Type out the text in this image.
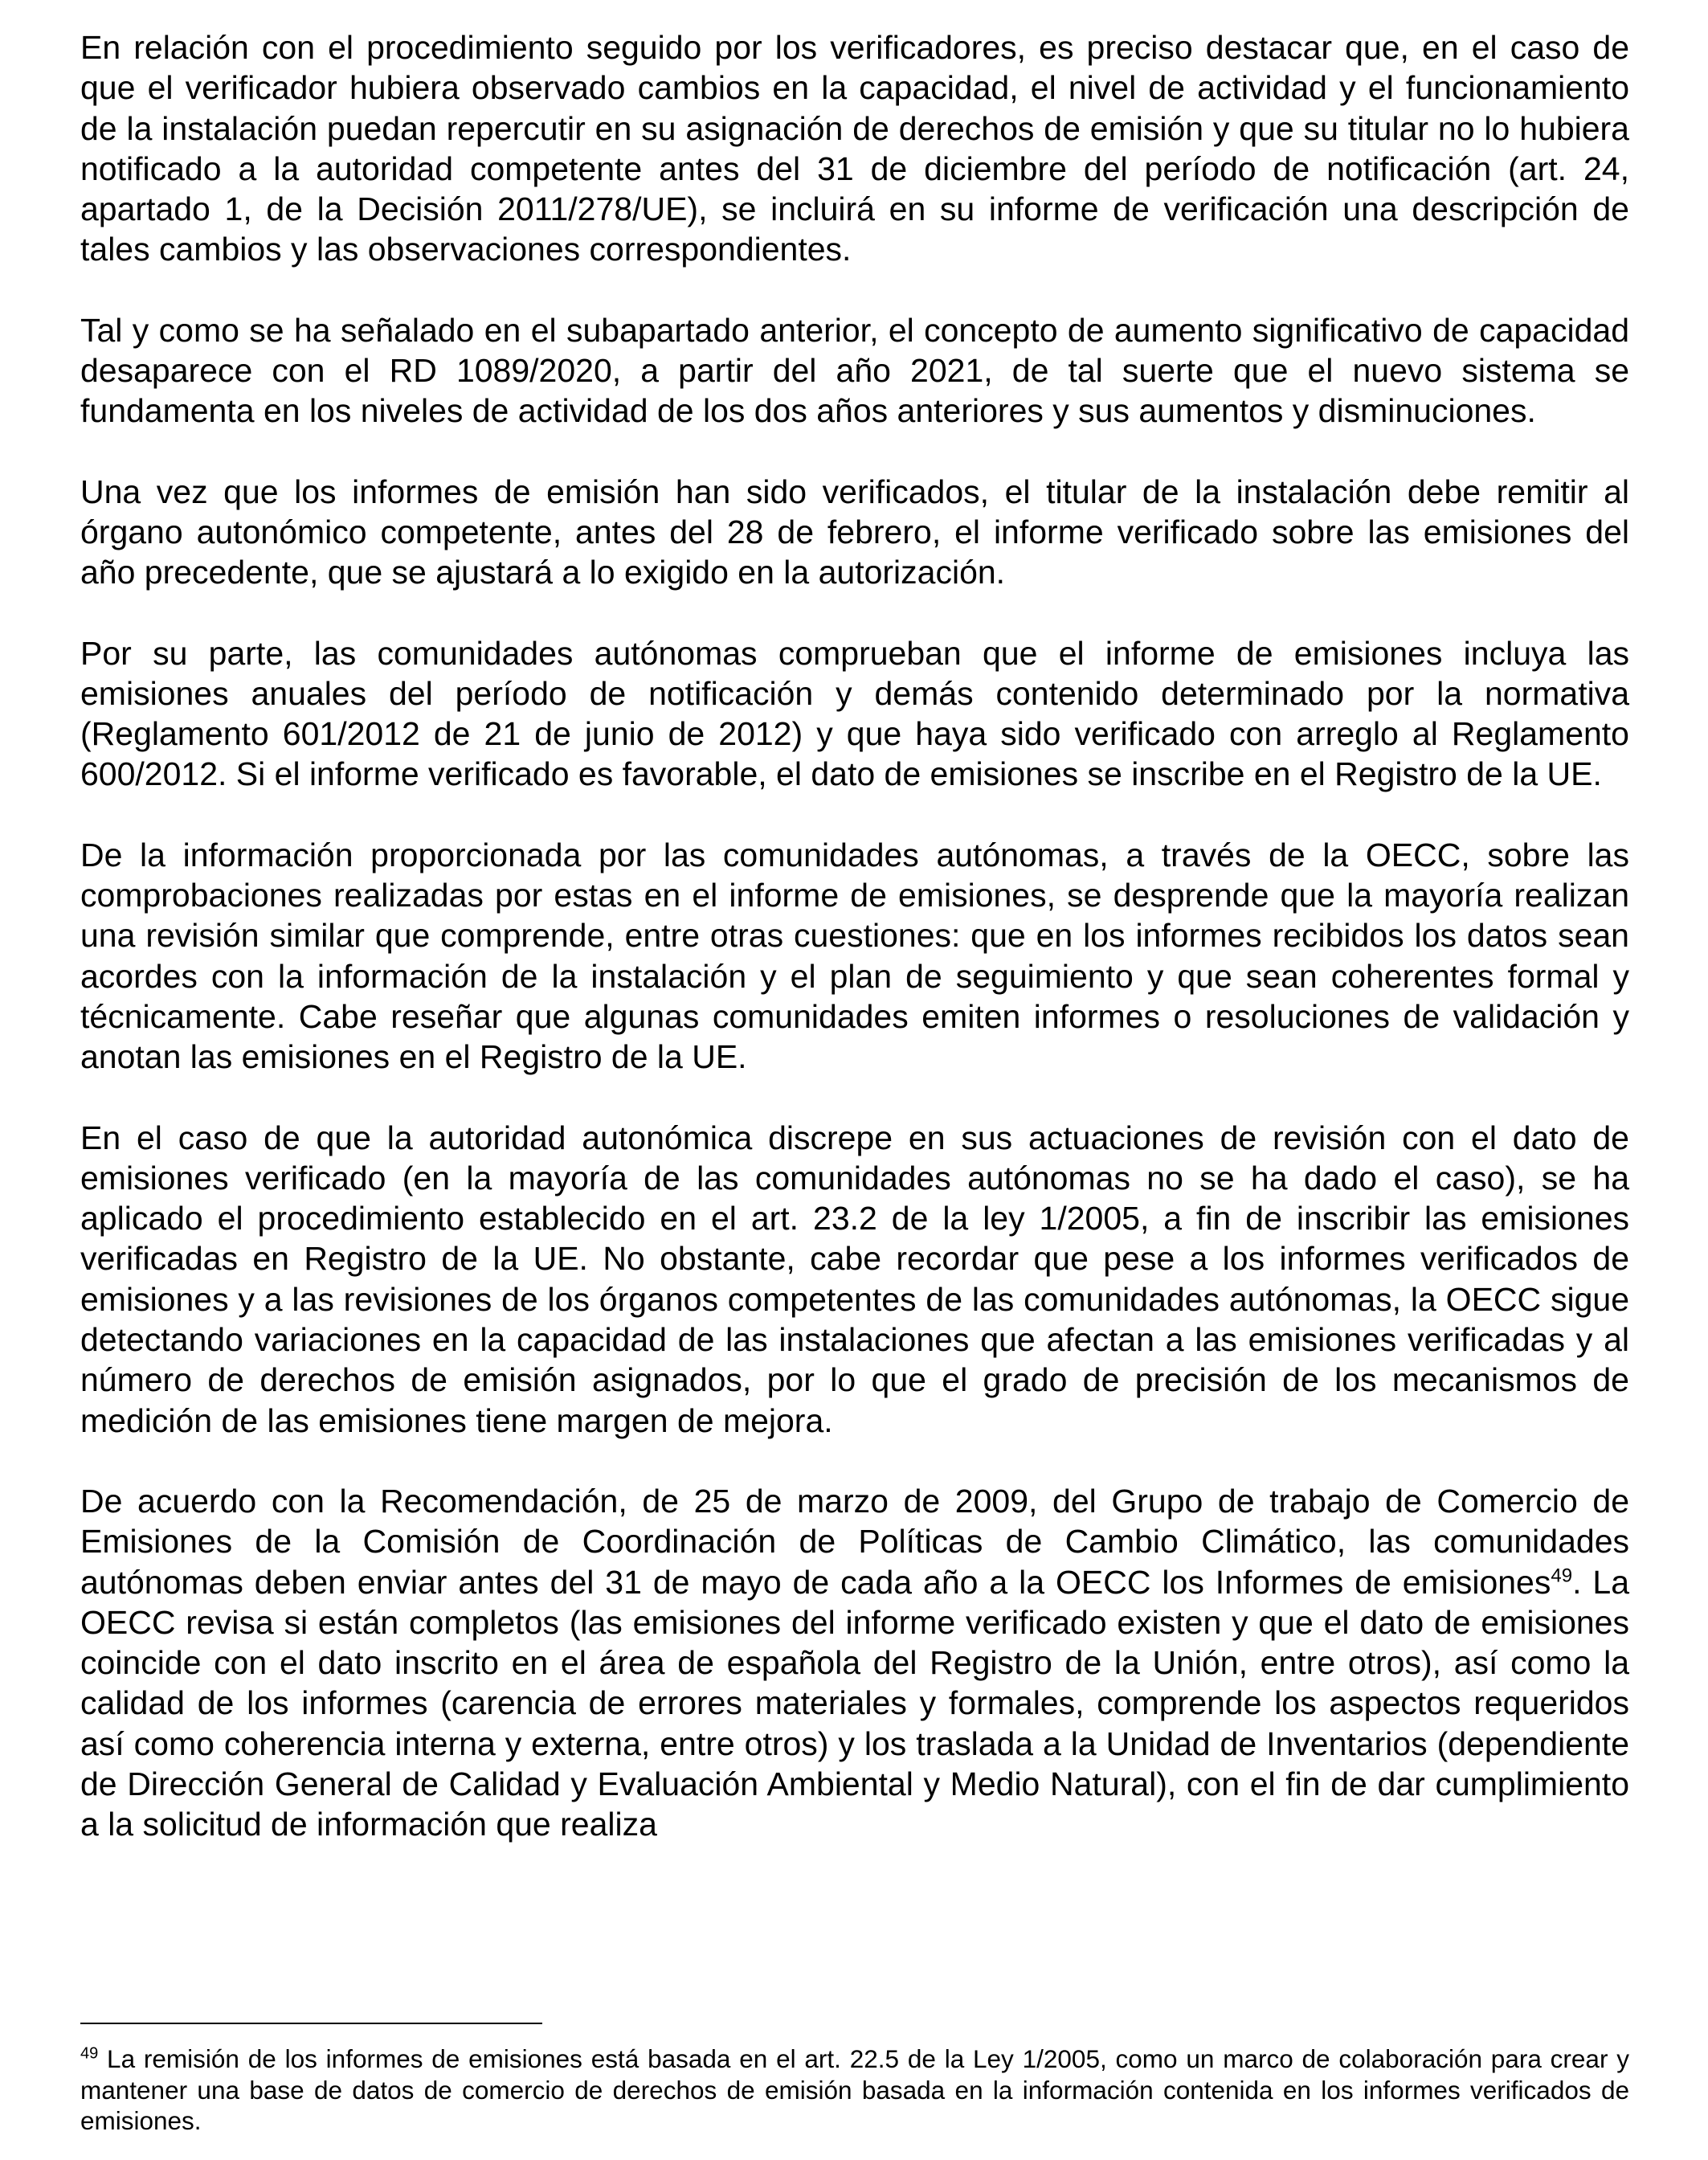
En relación con el procedimiento seguido por los verificadores, es preciso destacar que, en el caso de que el verificador hubiera observado cambios en la capacidad, el nivel de actividad y el funcionamiento de la instalación puedan repercutir en su asignación de derechos de emisión y que su titular no lo hubiera notificado a la autoridad competente antes del 31 de diciembre del período de notificación (art. 24, apartado 1, de la Decisión 2011/278/UE), se incluirá en su informe de verificación una descripción de tales cambios y las observaciones correspondientes.

Tal y como se ha señalado en el subapartado anterior, el concepto de aumento significativo de capacidad desaparece con el RD 1089/2020, a partir del año 2021, de tal suerte que el nuevo sistema se fundamenta en los niveles de actividad de los dos años anteriores y sus aumentos y disminuciones.

Una vez que los informes de emisión han sido verificados, el titular de la instalación debe remitir al órgano autonómico competente, antes del 28 de febrero, el informe verificado sobre las emisiones del año precedente, que se ajustará a lo exigido en la autorización.

Por su parte, las comunidades autónomas comprueban que el informe de emisiones incluya las emisiones anuales del período de notificación y demás contenido determinado por la normativa (Reglamento 601/2012 de 21 de junio de 2012) y que haya sido verificado con arreglo al Reglamento 600/2012. Si el informe verificado es favorable, el dato de emisiones se inscribe en el Registro de la UE.

De la información proporcionada por las comunidades autónomas, a través de la OECC, sobre las comprobaciones realizadas por estas en el informe de emisiones, se desprende que la mayoría realizan una revisión similar que comprende, entre otras cuestiones: que en los informes recibidos los datos sean acordes con la información de la instalación y el plan de seguimiento y que sean coherentes formal y técnicamente. Cabe reseñar que algunas comunidades emiten informes o resoluciones de validación y anotan las emisiones en el Registro de la UE.

En el caso de que la autoridad autonómica discrepe en sus actuaciones de revisión con el dato de emisiones verificado (en la mayoría de las comunidades autónomas no se ha dado el caso), se ha aplicado el procedimiento establecido en el art. 23.2 de la ley 1/2005, a fin de inscribir las emisiones verificadas en Registro de la UE. No obstante, cabe recordar que pese a los informes verificados de emisiones y a las revisiones de los órganos competentes de las comunidades autónomas, la OECC sigue detectando variaciones en la capacidad de las instalaciones que afectan a las emisiones verificadas y al número de derechos de emisión asignados, por lo que el grado de precisión de los mecanismos de medición de las emisiones tiene margen de mejora.

De acuerdo con la Recomendación, de 25 de marzo de 2009, del Grupo de trabajo de Comercio de Emisiones de la Comisión de Coordinación de Políticas de Cambio Climático, las comunidades autónomas deben enviar antes del 31 de mayo de cada año a la OECC los Informes de emisiones$^{49}$. La OECC revisa si están completos (las emisiones del informe verificado existen y que el dato de emisiones coincide con el dato inscrito en el área de española del Registro de la Unión, entre otros), así como la calidad de los informes (carencia de errores materiales y formales, comprende los aspectos requeridos así como coherencia interna y externa, entre otros) y los traslada a la Unidad de Inventarios (dependiente de Dirección General de Calidad y Evaluación Ambiental y Medio Natural), con el fin de dar cumplimiento a la solicitud de información que realiza

$^{49}$ La remisión de los informes de emisiones está basada en el art. 22.5 de la Ley 1/2005, como un marco de colaboración para crear y mantener una base de datos de comercio de derechos de emisión basada en la información contenida en los informes verificados de emisiones.
